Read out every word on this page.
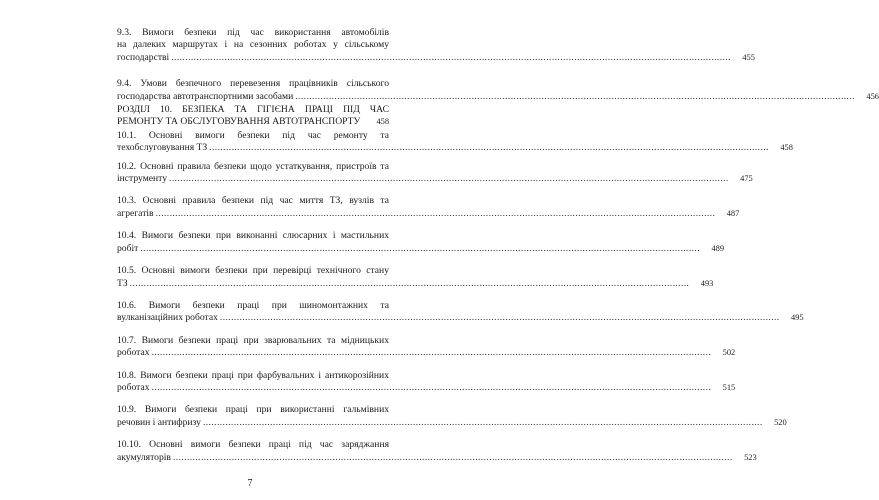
9.3. Вимоги безпеки під час використання автомобілів
на далеких маршрутах і на сезонних роботах у сільському
господарстві ........................................................................................................................................................................................................	455
9.4. Умови безпечного перевезення працівників сільського
господарства автотранспортними засобами ........................................................................................................................................................................................................	456
РОЗДІЛ 10. БЕЗПЕКА ТА ГІГІЄНА ПРАЦІ ПІД ЧАС
РЕМОНТУ ТА ОБСЛУГОВУВАННЯ АВТОТРАНСПОРТУ	458
10.1. Основні вимоги безпеки під час ремонту та
техобслуговування ТЗ ........................................................................................................................................................................................................	458
10.2. Основні правила безпеки щодо устаткування, пристроїв та
інструменту ........................................................................................................................................................................................................	475
10.3. Основні правила безпеки під час миття ТЗ, вузлів та
агрегатів ........................................................................................................................................................................................................	487
10.4. Вимоги безпеки при виконанні слюсарних і мастильних
робіт ........................................................................................................................................................................................................	489
10.5. Основні вимоги безпеки при перевірці технічного стану
ТЗ ........................................................................................................................................................................................................	493
10.6. Вимоги безпеки праці при шиномонтажних та
вулканізаційних роботах ........................................................................................................................................................................................................	495
10.7. Вимоги безпеки праці при зварювальних та мідницьких
роботах ........................................................................................................................................................................................................	502
10.8. Вимоги безпеки праці при фарбувальних і антикорозійних
роботах ........................................................................................................................................................................................................	515
10.9. Вимоги безпеки праці при використанні гальмівних
речовин і антифризу ........................................................................................................................................................................................................	520
10.10. Основні вимоги безпеки праці під час заряджання
акумуляторів ........................................................................................................................................................................................................	523
7
